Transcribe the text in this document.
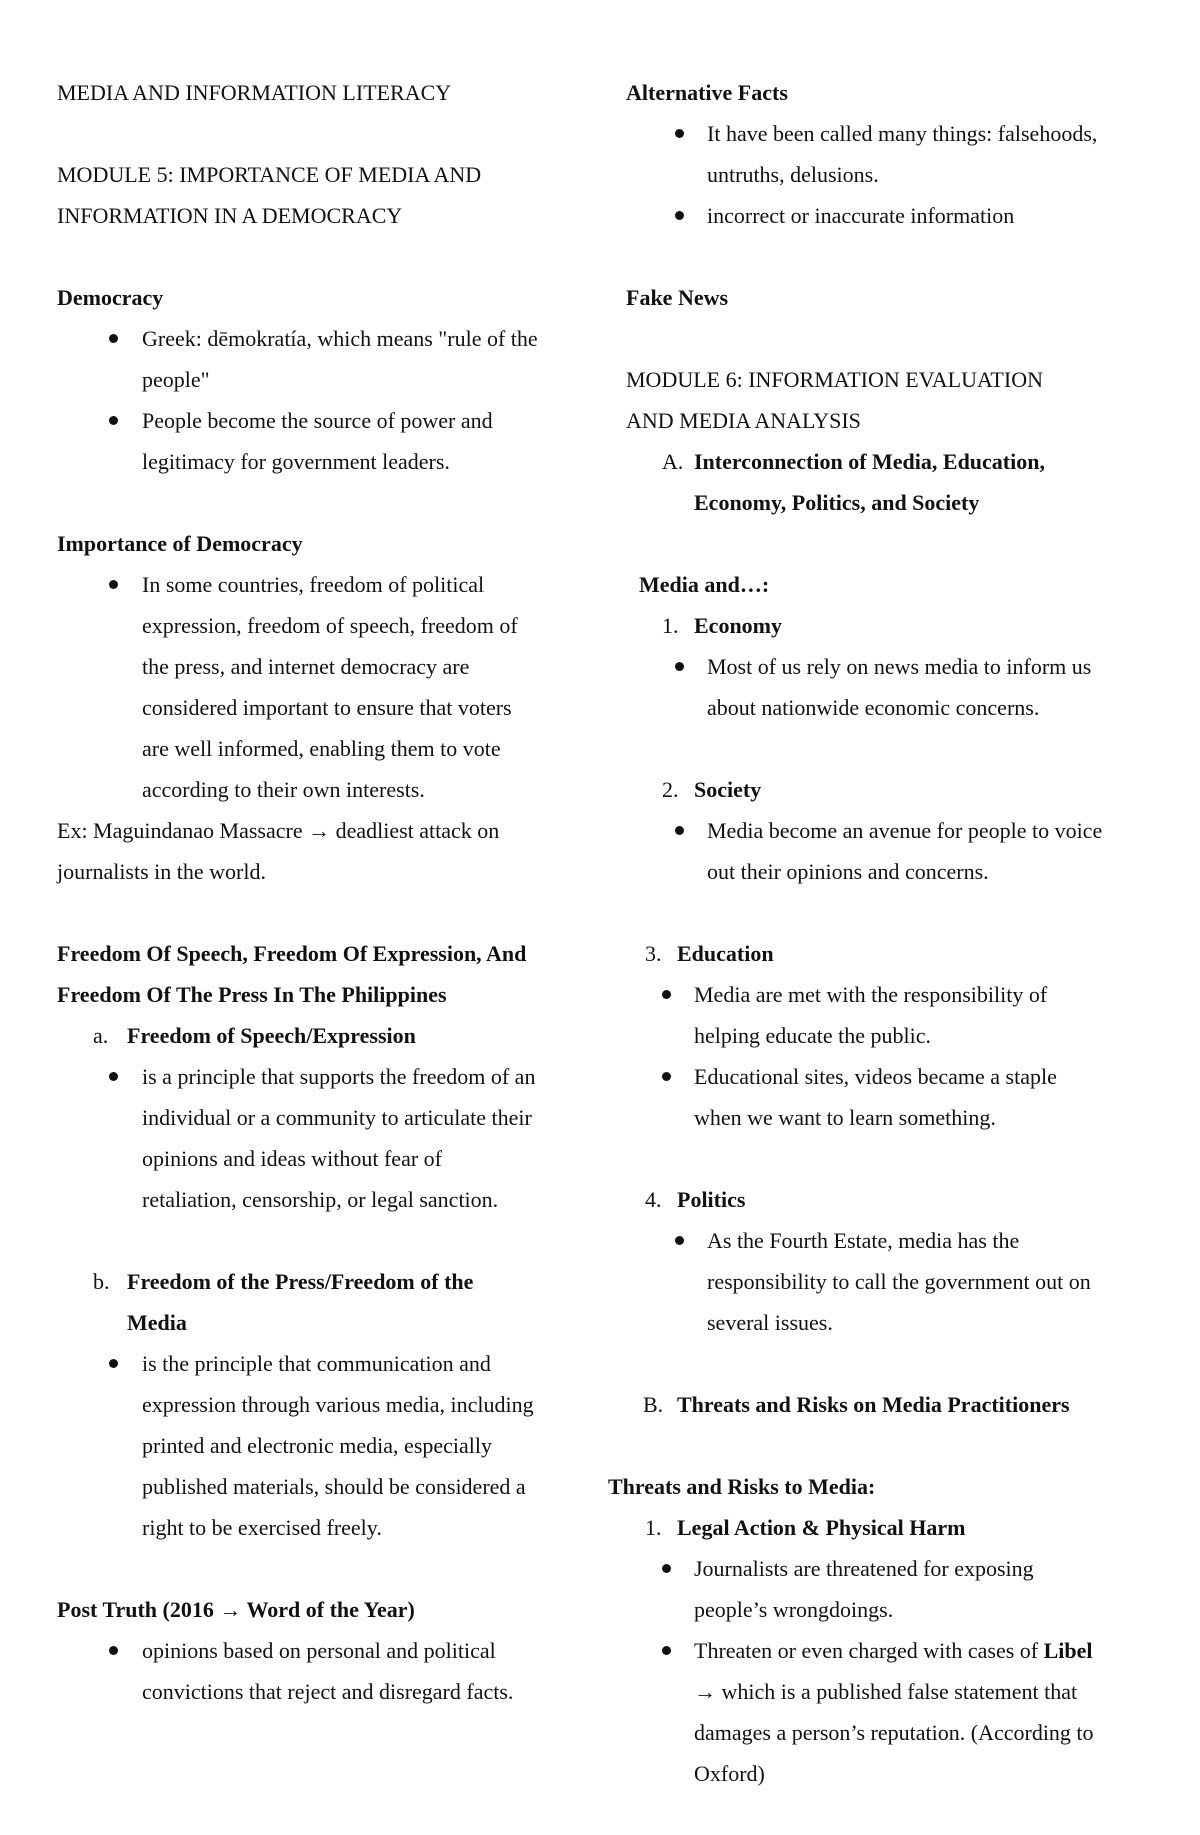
MEDIA AND INFORMATION LITERACY

MODULE 5: IMPORTANCE OF MEDIA AND

INFORMATION IN A DEMOCRACY

Democracy

Greek: dēmokratía, which means "rule of the
people"
People become the source of power and
legitimacy for government leaders.

Importance of Democracy

In some countries, freedom of political
expression, freedom of speech, freedom of
the press, and internet democracy are
considered important to ensure that voters
are well informed, enabling them to vote
according to their own interests.

Ex: Maguindanao Massacre → deadliest attack on

journalists in the world.

Freedom Of Speech, Freedom Of Expression, And

Freedom Of The Press In The Philippines

a. Freedom of Speech/Expression
is a principle that supports the freedom of an
individual or a community to articulate their
opinions and ideas without fear of
retaliation, censorship, or legal sanction.
b. Freedom of the Press/Freedom of the
Media
is the principle that communication and
expression through various media, including
printed and electronic media, especially
published materials, should be considered a
right to be exercised freely.

Post Truth (2016 → Word of the Year)

opinions based on personal and political
convictions that reject and disregard facts.

Alternative Facts

It have been called many things: falsehoods,
untruths, delusions.
incorrect or inaccurate information

Fake News

MODULE 6: INFORMATION EVALUATION

AND MEDIA ANALYSIS

A. Interconnection of Media, Education,
Economy, Politics, and Society

Media and…:

1. Economy
Most of us rely on news media to inform us
about nationwide economic concerns.
2. Society
Media become an avenue for people to voice
out their opinions and concerns.
3. Education
Media are met with the responsibility of
helping educate the public.
Educational sites, videos became a staple
when we want to learn something.
4. Politics
As the Fourth Estate, media has the
responsibility to call the government out on
several issues.
B. Threats and Risks on Media Practitioners

Threats and Risks to Media:

1. Legal Action & Physical Harm
Journalists are threatened for exposing
people’s wrongdoings.
Threaten or even charged with cases of Libel
→ which is a published false statement that
damages a person’s reputation. (According to
Oxford)
